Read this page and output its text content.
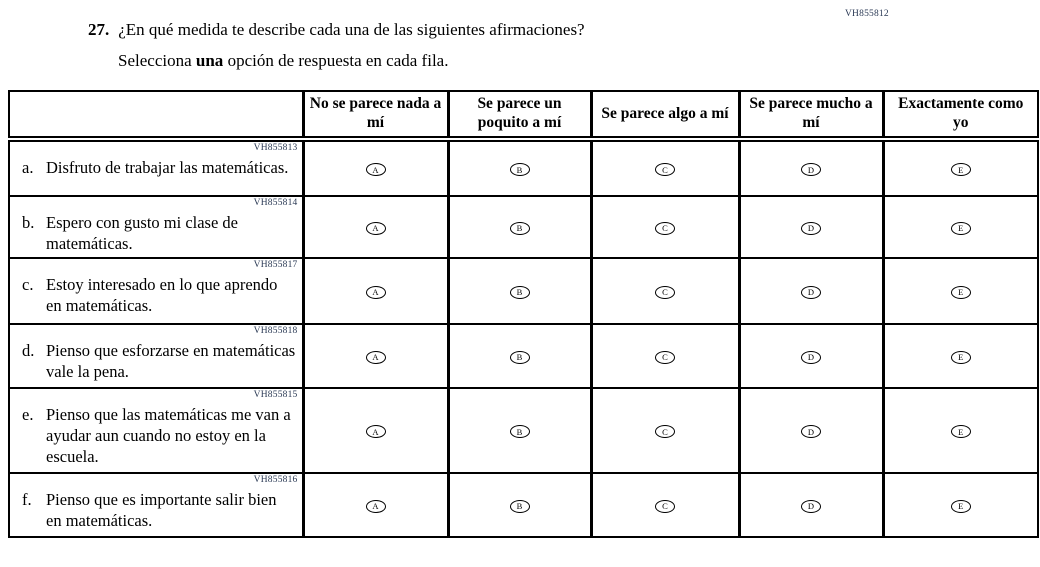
VH855812
27. ¿En qué medida te describe cada una de las siguientes afirmaciones?
Selecciona una opción de respuesta en cada fila.
	No se parece nada a mí	Se parece un poquito a mí	Se parece algo a mí	Se parece mucho a mí	Exactamente como yo

VH855813
a. Disfruto de trabajar las matemáticas.	A	B	C	D	E

VH855814
b. Espero con gusto mi clase de matemáticas.	A	B	C	D	E

VH855817
c. Estoy interesado en lo que aprendo en matemáticas.	A	B	C	D	E

VH855818
d. Pienso que esforzarse en matemáticas vale la pena.	A	B	C	D	E

VH855815
e. Pienso que las matemáticas me van a ayudar aun cuando no estoy en la escuela.	A	B	C	D	E

VH855816
f. Pienso que es importante salir bien en matemáticas.	A	B	C	D	E
